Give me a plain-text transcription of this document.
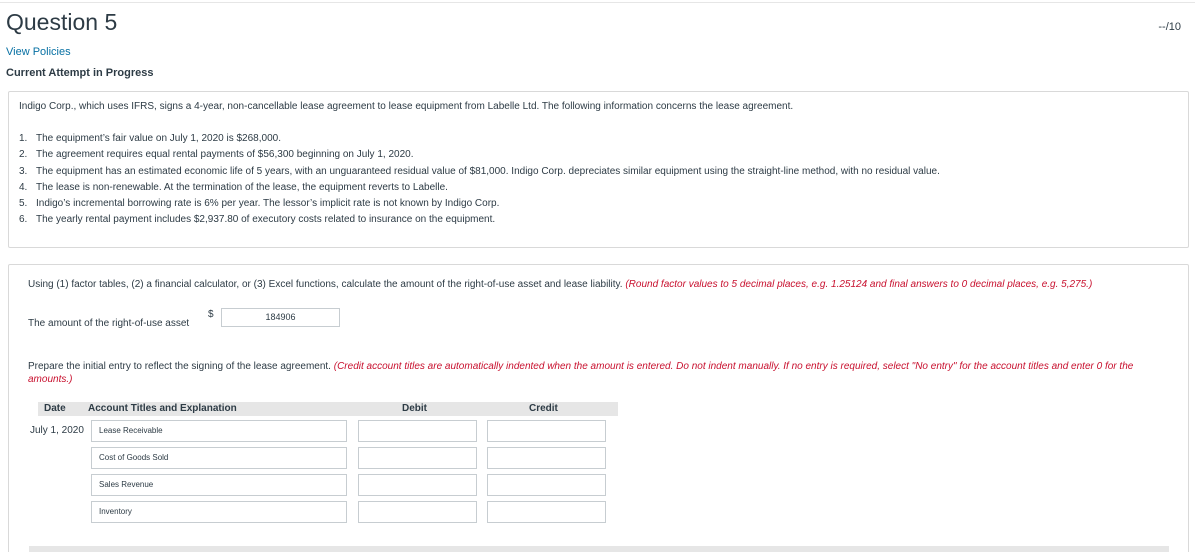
Question 5	--/10
View Policies
Current Attempt in Progress
Indigo Corp., which uses IFRS, signs a 4-year, non-cancellable lease agreement to lease equipment from Labelle Ltd. The following information concerns the lease agreement.
1. The equipment’s fair value on July 1, 2020 is $268,000.
2. The agreement requires equal rental payments of $56,300 beginning on July 1, 2020.
3. The equipment has an estimated economic life of 5 years, with an unguaranteed residual value of $81,000. Indigo Corp. depreciates similar equipment using the straight-line method, with no residual value.
4. The lease is non-renewable. At the termination of the lease, the equipment reverts to Labelle.
5. Indigo’s incremental borrowing rate is 6% per year. The lessor’s implicit rate is not known by Indigo Corp.
6. The yearly rental payment includes $2,937.80 of executory costs related to insurance on the equipment.
Using (1) factor tables, (2) a financial calculator, or (3) Excel functions, calculate the amount of the right-of-use asset and lease liability. (Round factor values to 5 decimal places, e.g. 1.25124 and final answers to 0 decimal places, e.g. 5,275.)
The amount of the right-of-use asset
$	184906
Prepare the initial entry to reflect the signing of the lease agreement. (Credit account titles are automatically indented when the amount is entered. Do not indent manually. If no entry is required, select "No entry" for the account titles and enter 0 for the amounts.)
Date Account Titles and Explanation	Debit	Credit
July 1, 2020	Lease Receivable
Cost of Goods Sold
Sales Revenue
Inventory
